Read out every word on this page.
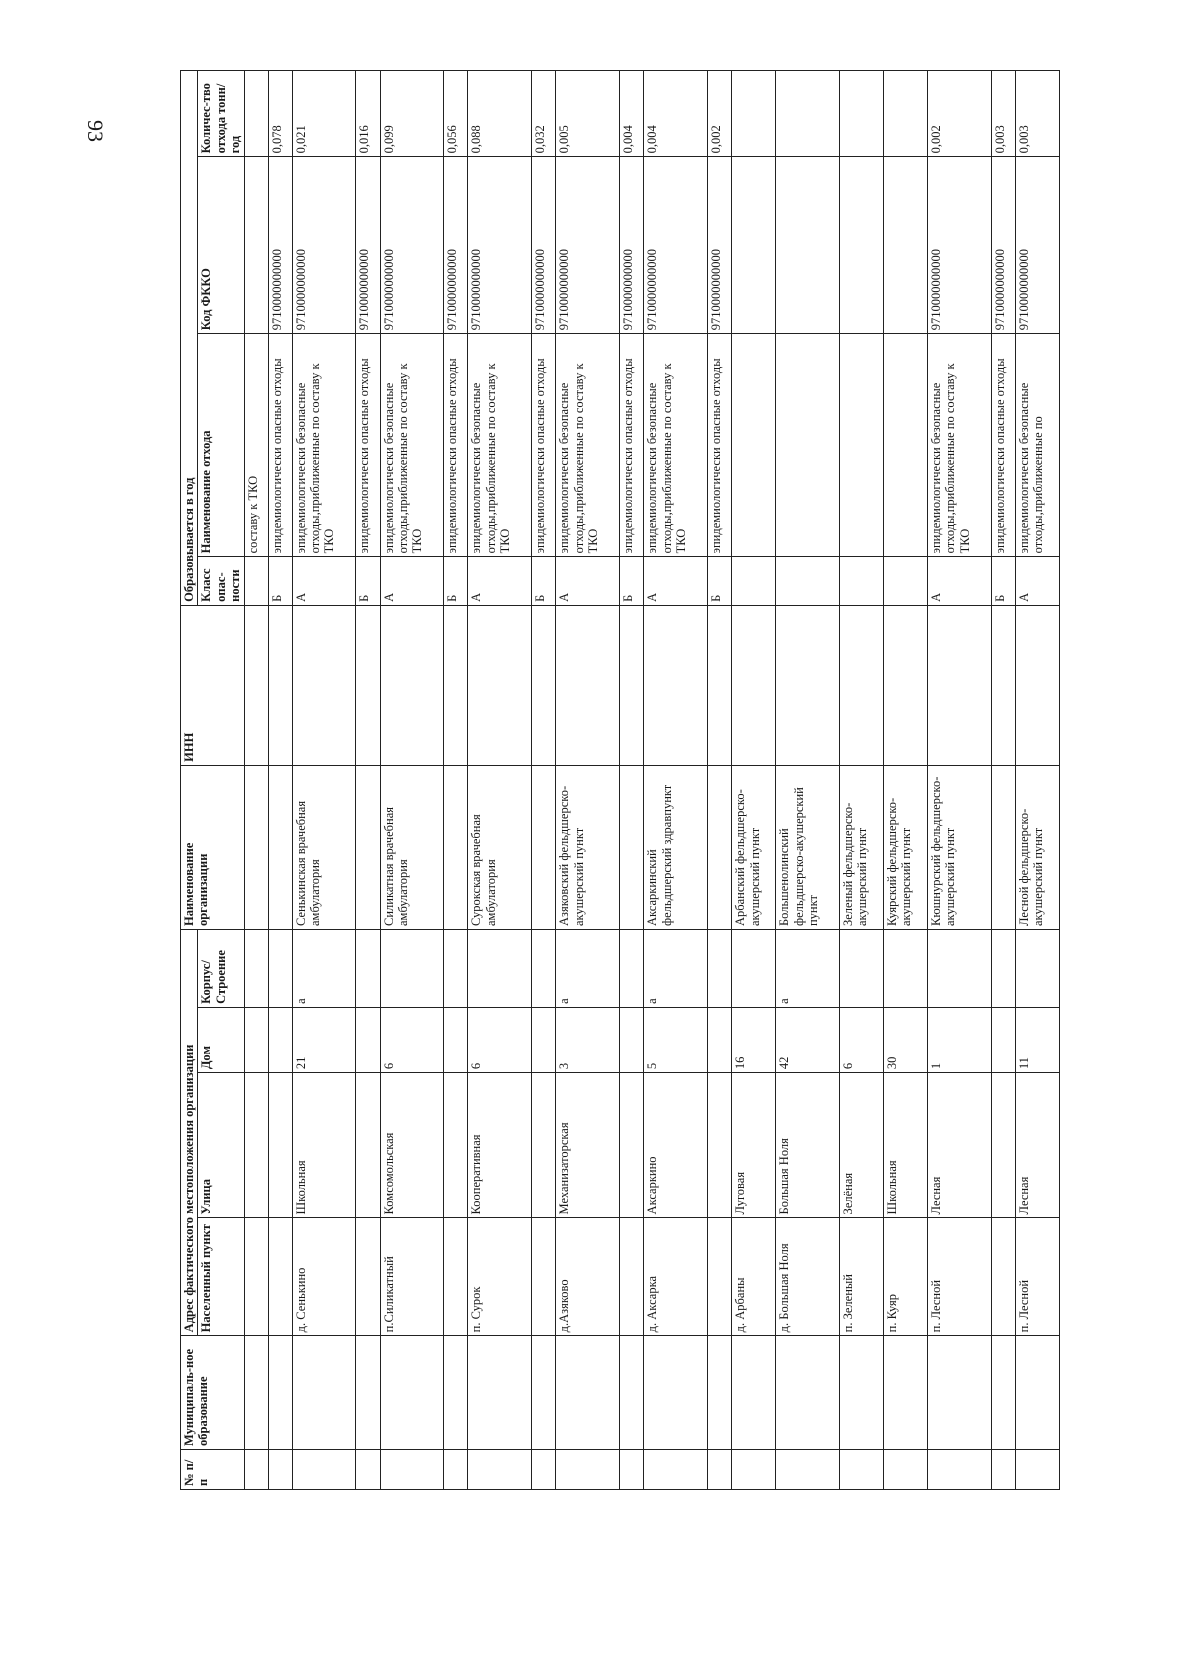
93
№ п/п	Муниципаль-ное образование	Адрес фактического местоположения организации				Наименование организации	ИНН	Образовывается в год			
		Населенный пункт	Улица	Дом	Корпус/ Строение			Класс опас-ности	Наименование отхода	Код ФККО	Количес-тво отхода тонн/год
									составу к ТКО		
								Б	эпидемиологически опасные отходы	9710000000000	0,078
		д. Сенькино	Школьная	21	а	Сенькинская врачебная амбулатория		А	эпидемиологически безопасные отходы,приближенные по составу к ТКО	9710000000000	0,021
								Б	эпидемиологически опасные отходы	9710000000000	0,016
		п.Силикатный	Комсомольская	6		Силикатная врачебная амбулатория		А	эпидемиологически безопасные отходы,приближенные по составу к ТКО	9710000000000	0,099
								Б	эпидемиологически опасные отходы	9710000000000	0,056
		п. Сурок	Кооперативная	6		Сурокская врачебная амбулатория		А	эпидемиологически безопасные отходы,приближенные по составу к ТКО	9710000000000	0,088
								Б	эпидемиологически опасные отходы	9710000000000	0,032
		д.Азяково	Механизаторская	3	а	Азяковский фельдшерско-акушерский пункт		А	эпидемиологически безопасные отходы,приближенные по составу к ТКО	9710000000000	0,005
								Б	эпидемиологически опасные отходы	9710000000000	0,004
		д. Аксарка	Аксаркино	5	а	Аксаркинский фельдшерский здравпункт		А	эпидемиологически безопасные отходы,приближенные по составу к ТКО	9710000000000	0,004
								Б	эпидемиологически опасные отходы	9710000000000	0,002
		д. Арбаны	Луговая	16		Арбанский фельдшерско-акушерский пункт					
		д. Большая Ноля	Большая Ноля	42	а	Большенолинский фельдшерско-акушерский пункт					
		п. Зеленый	Зелёная	6		Зеленый фельдшерско-акушерский пункт					
		п. Куяр	Школьная	30		Куярский фельдшерско-акушерский пункт					
		п. Лесной	Лесная	1		Кюшнурский фельдшерско-акушерский пункт		А	эпидемиологически безопасные отходы,приближенные по составу к ТКО	9710000000000	0,002
								Б	эпидемиологически опасные отходы	9710000000000	0,003
		п. Лесной	Лесная	11		Лесной фельдшерско-акушерский пункт		А	эпидемиологически безопасные отходы,приближенные по	9710000000000	0,003
